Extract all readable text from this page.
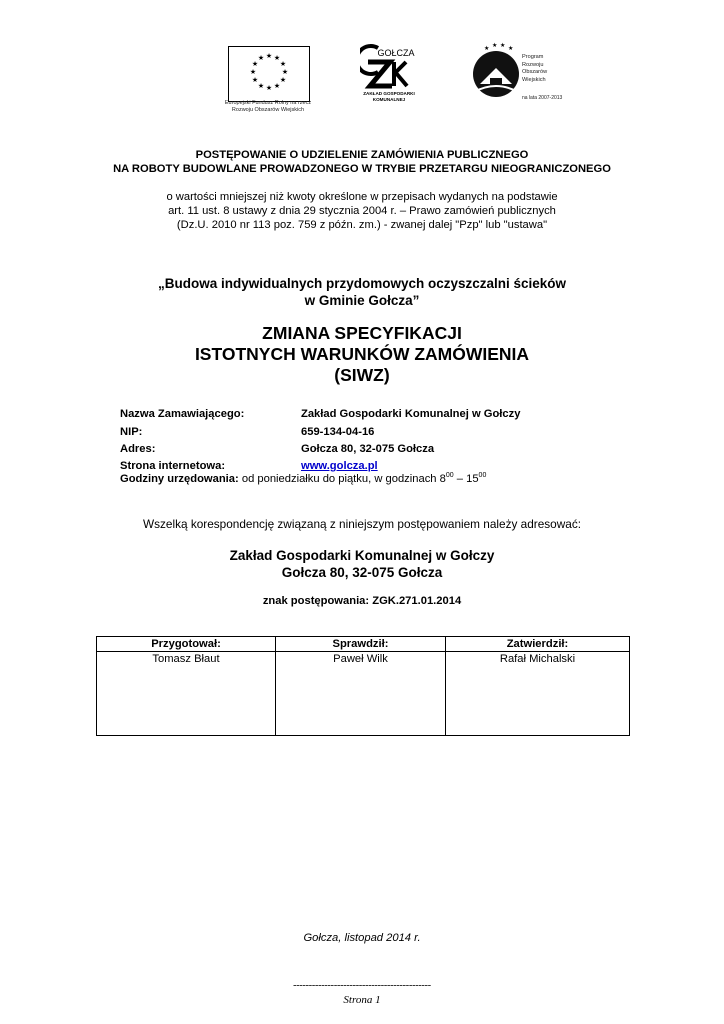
★ ★
★
★
★
★
★
★
★
★
★
★
Europejski Fundusz Rolny na rzecz
Rozwoju Obszarów Wiejskich
GOŁCZA
ZAKŁAD GOSPODARKI
KOMUNALNEJ
★ ★ ★ ★
Program
Rozwoju
Obszarów
Wiejskich
na lata 2007-2013
POSTĘPOWANIE O UDZIELENIE ZAMÓWIENIA PUBLICZNEGO
NA ROBOTY BUDOWLANE PROWADZONEGO W TRYBIE PRZETARGU NIEOGRANICZONEGO
o wartości mniejszej niż kwoty określone w przepisach wydanych na podstawie
art. 11 ust. 8 ustawy z dnia 29 stycznia 2004 r. – Prawo zamówień publicznych
(Dz.U. 2010 nr 113 poz. 759 z późn. zm.) - zwanej dalej "Pzp" lub "ustawa"
„Budowa indywidualnych przydomowych oczyszczalni ścieków
w Gminie Gołcza”
ZMIANA SPECYFIKACJI
ISTOTNYCH WARUNKÓW ZAMÓWIENIA
(SIWZ)
Nazwa Zamawiającego:	Zakład Gospodarki Komunalnej w Gołczy
NIP:	659-134-04-16
Adres:	Gołcza 80, 32-075 Gołcza
Strona internetowa:	www.golcza.pl
Godziny urzędowania: od poniedziałku do piątku, w godzinach $8^{00} - 15^{00}$
Wszelką korespondencję związaną z niniejszym postępowaniem należy adresować:
Zakład Gospodarki Komunalnej w Gołczy
Gołcza 80, 32-075 Gołcza
znak postępowania: ZGK.271.01.2014
Przygotował:	Sprawdził:	Zatwierdził:
Tomasz Błaut	Paweł Wilk	Rafał Michalski
Gołcza, listopad 2014 r.
--------------------------------------------
Strona 1
